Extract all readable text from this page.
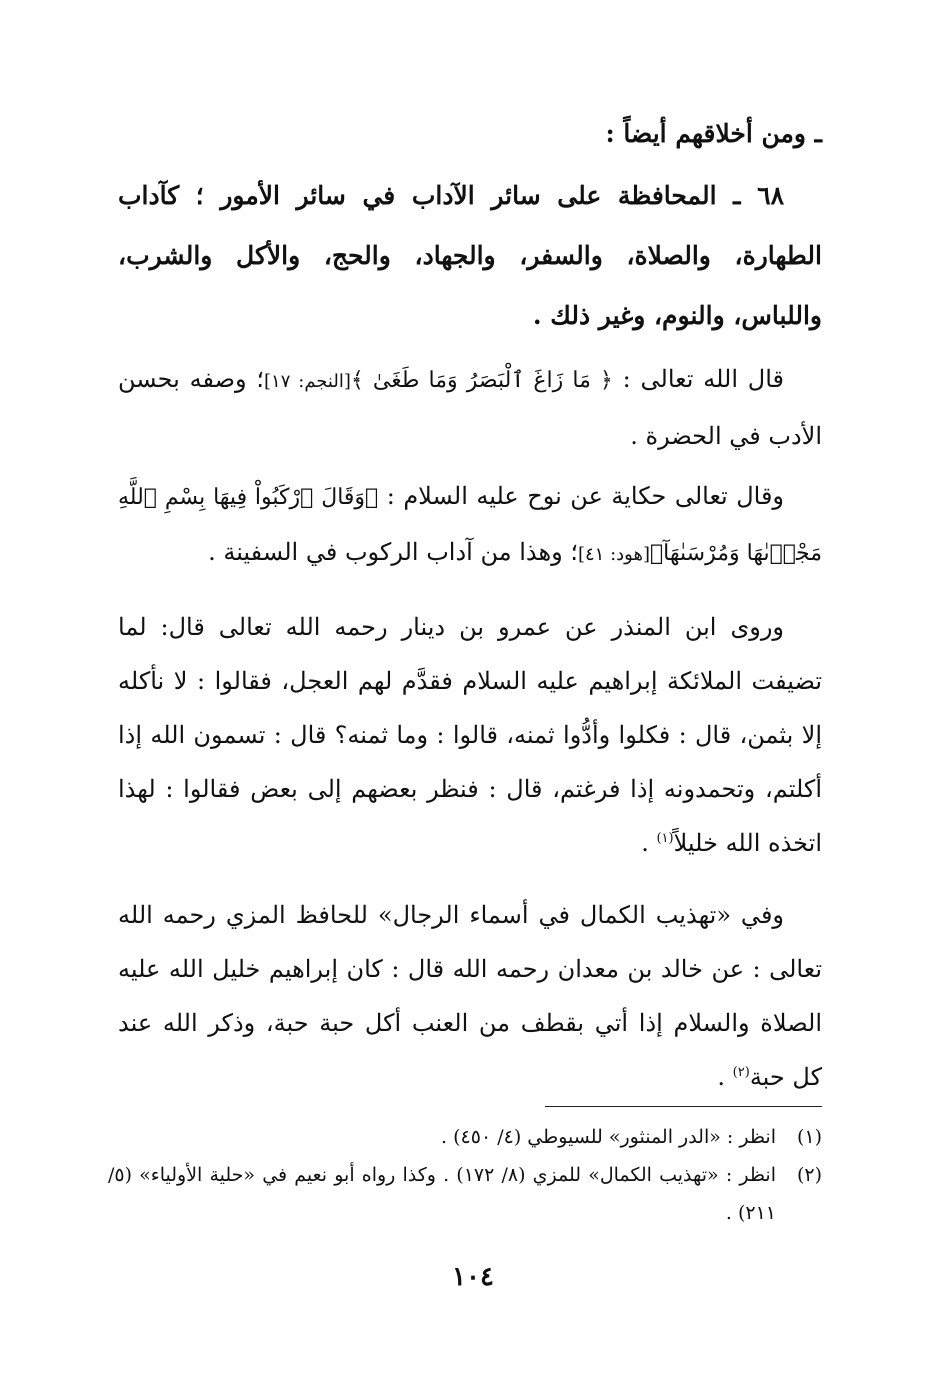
ـ ومن أخلاقهم أيضاً :

٦٨ ـ المحافظة على سائر الآداب في سائر الأمور ؛ كآداب الطهارة، والصلاة، والسفر، والجهاد، والحج، والأكل والشرب، واللباس، والنوم، وغير ذلك .

قال الله تعالى : ﴿ مَا زَاغَ ٱلْبَصَرُ وَمَا طَغَىٰ ﴾[النجم: ١٧]؛ وصفه بحسن الأدب في الحضرة .

وقال تعالى حكاية عن نوح عليه السلام : ﴿وَقَالَ ٱرْكَبُواْ فِيهَا بِسْمِ ٱللَّهِ مَجْرٜىٰهَا وَمُرْسَىٰهَآ﴾[هود: ٤١]؛ وهذا من آداب الركوب في السفينة .

وروى ابن المنذر عن عمرو بن دينار رحمه الله تعالى قال: لما تضيفت الملائكة إبراهيم عليه السلام فقدَّم لهم العجل، فقالوا : لا نأكله إلا بثمن، قال : فكلوا وأدُّوا ثمنه، قالوا : وما ثمنه؟ قال : تسمون الله إذا أكلتم، وتحمدونه إذا فرغتم، قال : فنظر بعضهم إلى بعض فقالوا : لهذا اتخذه الله خليلاً$^{(١)}$ .

وفي «تهذيب الكمال في أسماء الرجال» للحافظ المزي رحمه الله تعالى : عن خالد بن معدان رحمه الله قال : كان إبراهيم خليل الله عليه الصلاة والسلام إذا أتي بقطف من العنب أكل حبة حبة، وذكر الله عند كل حبة$^{(٢)}$ .

(١)
انظر : «الدر المنثور» للسيوطي (٤/ ٤٥٠) .
(٢)
انظر : «تهذيب الكمال» للمزي (٨/ ١٧٢) . وكذا رواه أبو نعيم في «حلية الأولياء» (٥/ ٢١١) .
١٠٤
